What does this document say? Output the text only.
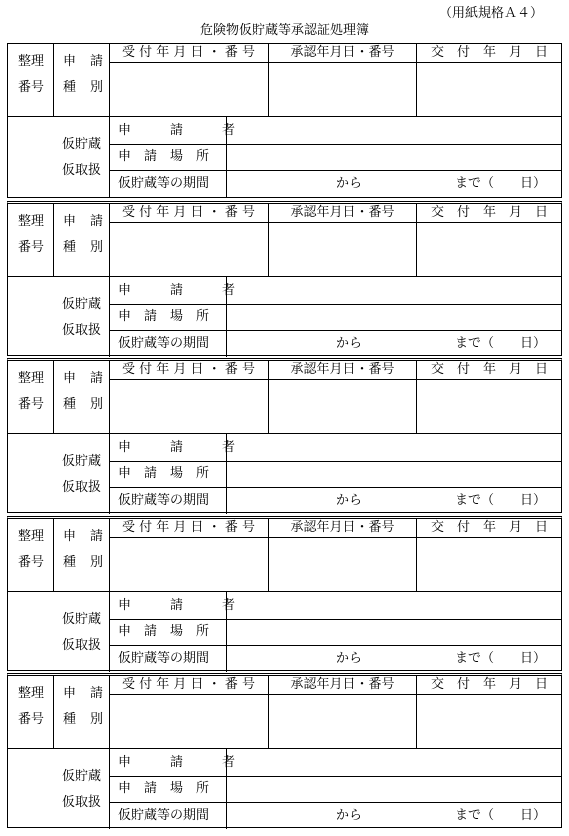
（用紙規格Ａ４）
危険物仮貯蔵等承認証処理簿
整理
番号
申 請
種 別
受 付 年 月 日 ・ 番 号	承認年月日・番号	交　付　年　月　日
仮貯蔵
仮取扱
申　　　請　　　者
申　請　場　所
仮貯蔵等の期間	から	まで（　　日）
整理
番号
申 請
種 別
受 付 年 月 日 ・ 番 号	承認年月日・番号	交　付　年　月　日
仮貯蔵
仮取扱
申　　　請　　　者
申　請　場　所
仮貯蔵等の期間	から	まで（　　日）
整理
番号
申 請
種 別
受 付 年 月 日 ・ 番 号	承認年月日・番号	交　付　年　月　日
仮貯蔵
仮取扱
申　　　請　　　者
申　請　場　所
仮貯蔵等の期間	から	まで（　　日）
整理
番号
申 請
種 別
受 付 年 月 日 ・ 番 号	承認年月日・番号	交　付　年　月　日
仮貯蔵
仮取扱
申　　　請　　　者
申　請　場　所
仮貯蔵等の期間	から	まで（　　日）
整理
番号
申 請
種 別
受 付 年 月 日 ・ 番 号	承認年月日・番号	交　付　年　月　日
仮貯蔵
仮取扱
申　　　請　　　者
申　請　場　所
仮貯蔵等の期間	から	まで（　　日）
